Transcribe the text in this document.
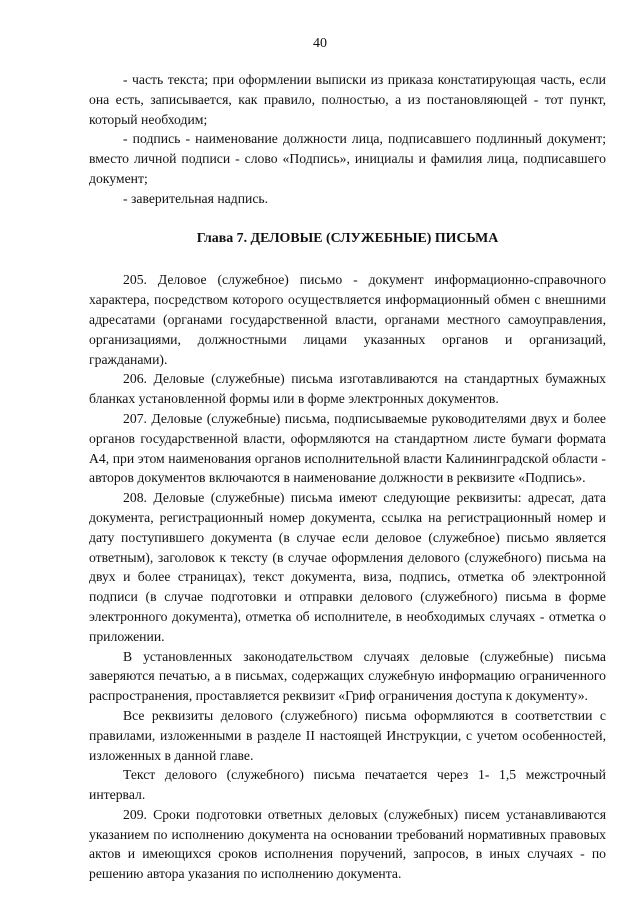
40

- часть текста; при оформлении выписки из приказа констатирующая часть, если она есть, записывается, как правило, полностью, а из постановляющей - тот пункт, который необходим;

- подпись - наименование должности лица, подписавшего подлинный документ; вместо личной подписи - слово «Подпись», инициалы и фамилия лица, подписавшего документ;

- заверительная надпись.

Глава 7. ДЕЛОВЫЕ (СЛУЖЕБНЫЕ) ПИСЬМА

205. Деловое (служебное) письмо - документ информационно-справочного характера, посредством которого осуществляется информационный обмен с внешними адресатами (органами государственной власти, органами местного самоуправления, организациями, должностными лицами указанных органов и организаций, гражданами).

206. Деловые (служебные) письма изготавливаются на стандартных бумажных бланках установленной формы или в форме электронных документов.

207. Деловые (служебные) письма, подписываемые руководителями двух и более органов государственной власти, оформляются на стандартном листе бумаги формата А4, при этом наименования органов исполнительной власти Калининградской области - авторов документов включаются в наименование должности в реквизите «Подпись».

208. Деловые (служебные) письма имеют следующие реквизиты: адресат, дата документа, регистрационный номер документа, ссылка на регистрационный номер и дату поступившего документа (в случае если деловое (служебное) письмо является ответным), заголовок к тексту (в случае оформления делового (служебного) письма на двух и более страницах), текст документа, виза, подпись, отметка об электронной подписи (в случае подготовки и отправки делового (служебного) письма в форме электронного документа), отметка об исполнителе, в необходимых случаях - отметка о приложении.

В установленных законодательством случаях деловые (служебные) письма заверяются печатью, а в письмах, содержащих служебную информацию ограниченного распространения, проставляется реквизит «Гриф ограничения доступа к документу».

Все реквизиты делового (служебного) письма оформляются в соответствии с правилами, изложенными в разделе II настоящей Инструкции, с учетом особенностей, изложенных в данной главе.

Текст делового (служебного) письма печатается через 1- 1,5 межстрочный интервал.

209. Сроки подготовки ответных деловых (служебных) писем устанавливаются указанием по исполнению документа на основании требований нормативных правовых актов и имеющихся сроков исполнения поручений, запросов, в иных случаях - по решению автора указания по исполнению документа.
